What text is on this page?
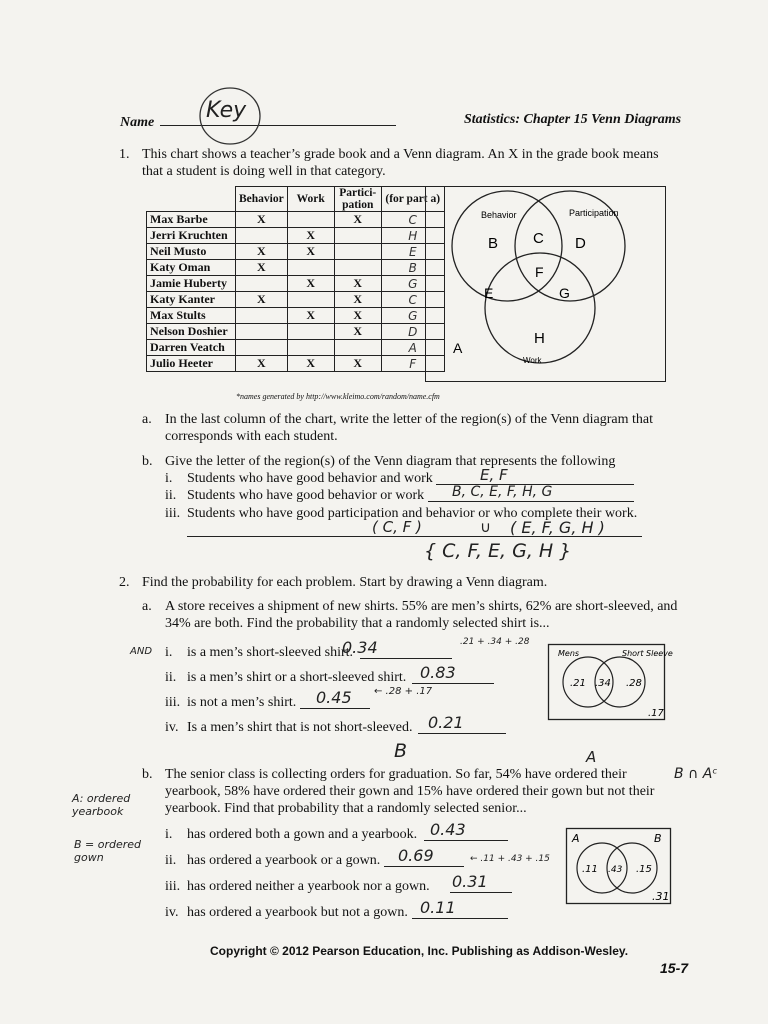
Name Key	Statistics: Chapter 15 Venn Diagrams
1. This chart shows a teacher’s grade book and a Venn diagram. An X in the grade book means
that a student is doing well in that category.
	Behavior	Work	Partici-pation	(for part a)
Max Barbe	X		X	C
Jerri Kruchten		X		H
Neil Musto	X	X		E
Katy Oman	X			B
Jamie Huberty		X	X	G
Katy Kanter	X		X	C
Max Stults		X	X	G
Nelson Doshier			X	D
Darren Veatch				A
Julio Heeter	X	X	X	F
Behavior	Participation
Work
B C D
F
E	G
H
A
*names generated by http://www.kleimo.com/random/name.cfm
a. In the last column of the chart, write the letter of the region(s) of the Venn diagram that
corresponds with each student.
b. Give the letter of the region(s) of the Venn diagram that represents the following
i. Students who have good behavior and work	E, F
ii. Students who have good behavior or work B, C, E, F, H, G
iii. Students who have good participation and behavior or who complete their work.
( C, F )	∪ ( E, F, G, H )
{ C, F, E, G, H }
2. Find the probability for each problem. Start by drawing a Venn diagram.
a. A store receives a shipment of new shirts. 55% are men’s shirts, 62% are short-sleeved, and
34% are both. Find the probability that a randomly selected shirt is...
AND i. is a men’s short-sleeved shirt.
0.34
ii. is a men’s shirt or a short-sleeved shirt. 0.83
iii. is not a men’s shirt. 0.45
iv. Is a men’s shirt that is not short-sleeved. 0.21
.21 + .34 + .28
← .28 + .17
Mens	Short Sleeve
.21 .34 .28
.17
B	A
B ∩ Aᶜ
b. The senior class is collecting orders for graduation. So far, 54% have ordered their
yearbook, 58% have ordered their gown and 15% have ordered their gown but not their
yearbook. Find that probability that a randomly selected senior...
A: ordered yearbook
B = ordered gown
i. has ordered both a gown and a yearbook. 0.43
ii. has ordered a yearbook or a gown. 0.69
iii. has ordered neither a yearbook nor a gown. 0.31
iv. has ordered a yearbook but not a gown. 0.11
← .11 + .43 + .15
A	B
.11 .43 .15
.31
Copyright © 2012 Pearson Education, Inc. Publishing as Addison-Wesley.
15-7
